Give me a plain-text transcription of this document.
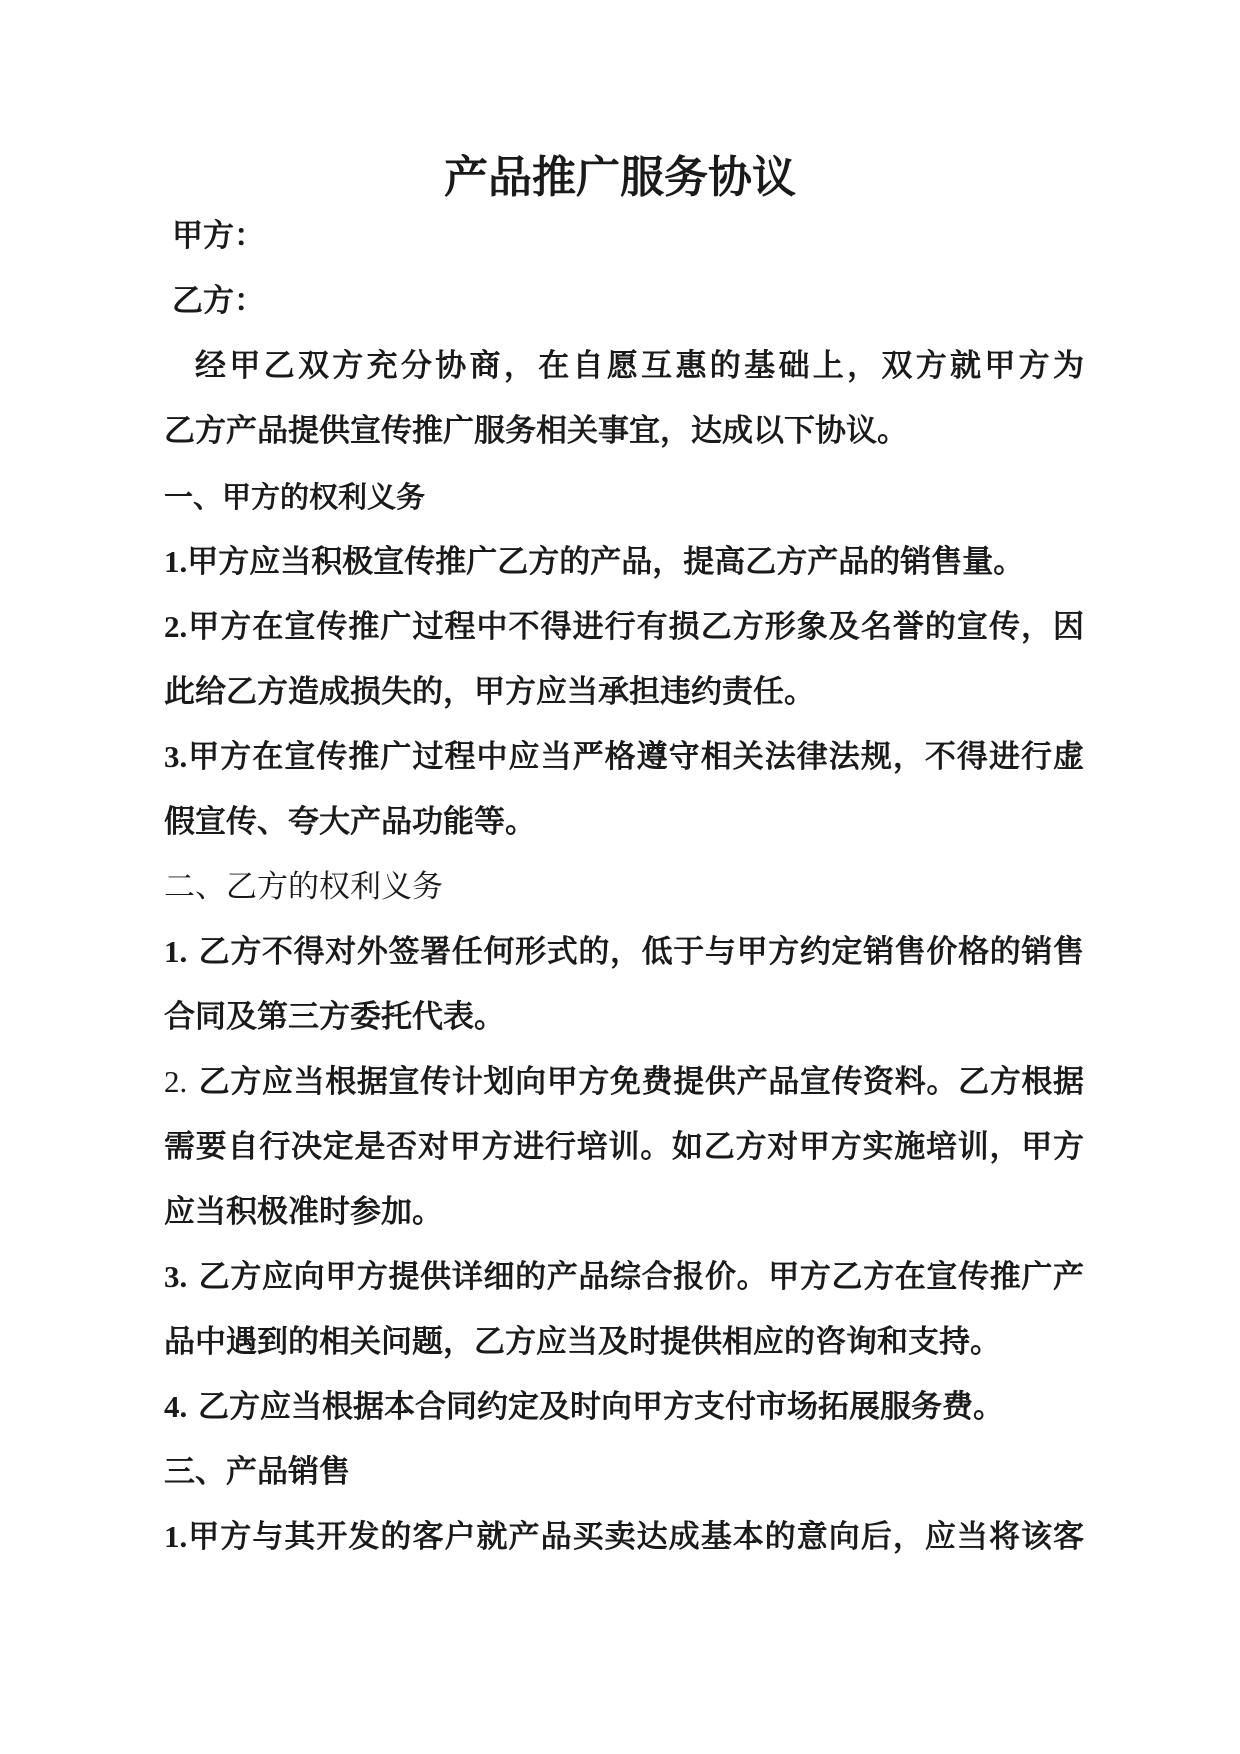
产品推广服务协议
甲方：
乙方：
经甲乙双方充分协商，在自愿互惠的基础上，双方就甲方为
乙方产品提供宣传推广服务相关事宜，达成以下协议。
一、甲方的权利义务
1.甲方应当积极宣传推广乙方的产品，提高乙方产品的销售量。
2.甲方在宣传推广过程中不得进行有损乙方形象及名誉的宣传，因
此给乙方造成损失的，甲方应当承担违约责任。
3.甲方在宣传推广过程中应当严格遵守相关法律法规，不得进行虚
假宣传、夸大产品功能等。
二、乙方的权利义务
1. 乙方不得对外签署任何形式的，低于与甲方约定销售价格的销售
合同及第三方委托代表。
2. 乙方应当根据宣传计划向甲方免费提供产品宣传资料。乙方根据
需要自行决定是否对甲方进行培训。如乙方对甲方实施培训，甲方
应当积极准时参加。
3. 乙方应向甲方提供详细的产品综合报价。甲方乙方在宣传推广产
品中遇到的相关问题，乙方应当及时提供相应的咨询和支持。
4. 乙方应当根据本合同约定及时向甲方支付市场拓展服务费。
三、产品销售
1.甲方与其开发的客户就产品买卖达成基本的意向后，应当将该客
